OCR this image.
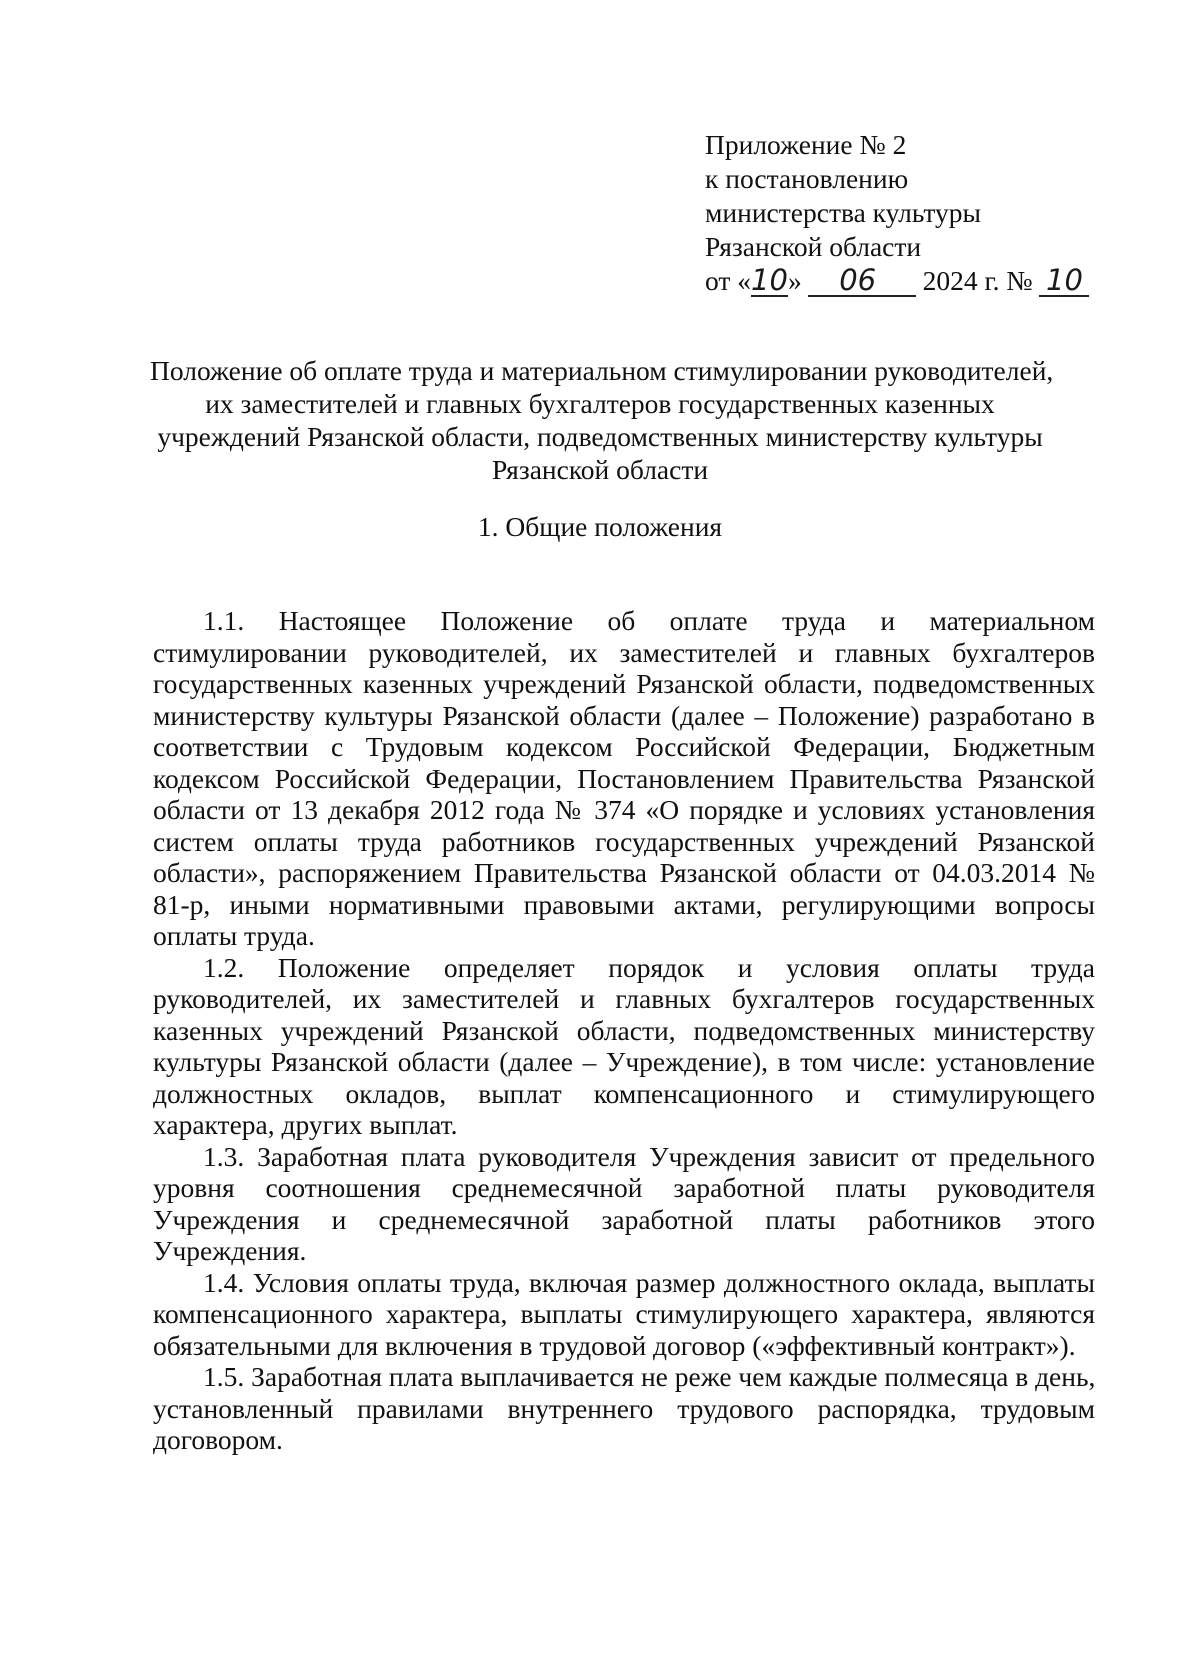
Приложение № 2
к постановлению
министерства культуры
Рязанской области
от «10» 06 2024 г. № 10
Положение об оплате труда и материальном стимулировании руководителей,
их заместителей и главных бухгалтеров государственных казенных
учреждений Рязанской области, подведомственных министерству культуры
Рязанской области
1. Общие положения
1.1. Настоящее Положение об оплате труда и материальном
стимулировании руководителей, их заместителей и главных бухгалтеров
государственных казенных учреждений Рязанской области, подведомственных
министерству культуры Рязанской области (далее – Положение) разработано в
соответствии с Трудовым кодексом Российской Федерации, Бюджетным
кодексом Российской Федерации, Постановлением Правительства Рязанской
области от 13 декабря 2012 года № 374 «О порядке и условиях установления
систем оплаты труда работников государственных учреждений Рязанской
области», распоряжением Правительства Рязанской области от 04.03.2014 №
81-р, иными нормативными правовыми актами, регулирующими вопросы
оплаты труда.
1.2. Положение определяет порядок и условия оплаты труда
руководителей, их заместителей и главных бухгалтеров государственных
казенных учреждений Рязанской области, подведомственных министерству
культуры Рязанской области (далее – Учреждение), в том числе: установление
должностных окладов, выплат компенсационного и стимулирующего
характера, других выплат.
1.3. Заработная плата руководителя Учреждения зависит от предельного
уровня соотношения среднемесячной заработной платы руководителя
Учреждения и среднемесячной заработной платы работников этого
Учреждения.
1.4. Условия оплаты труда, включая размер должностного оклада, выплаты
компенсационного характера, выплаты стимулирующего характера, являются
обязательными для включения в трудовой договор («эффективный контракт»).
1.5. Заработная плата выплачивается не реже чем каждые полмесяца в день,
установленный правилами внутреннего трудового распорядка, трудовым
договором.
